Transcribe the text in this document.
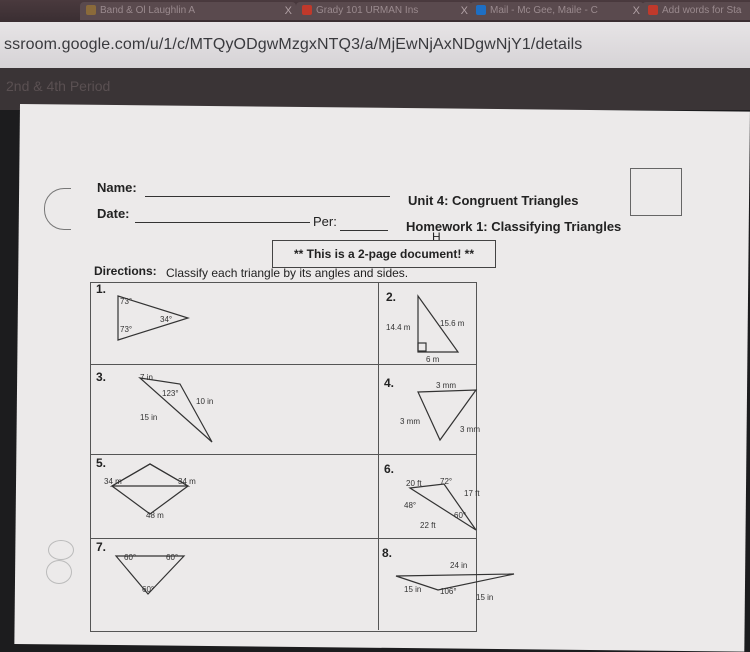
Band & Ol Laughlin A	X	Grady 101 URMAN Ins	X	Mail - Mc Gee, Maile - C	X	Add words for Sta
ssroom.google.com/u/1/c/MTQyODgwMzgxNTQ3/a/MjEwNjAxNDgwNjY1/details
2nd & 4th Period
Name:
Date:
Per:
Unit 4: Congruent Triangles
Homework 1: Classifying Triangles
H
** This is a 2-page document! **
Directions: Classify each triangle by its angles and sides.
1.
2.
3.	4.
5.	6.
7.	8.
73°
34°
73°	14.4 m	15.6 m
6 m
7 in
123°
10 in
15 in
3 mm
3 mm
3 mm
34 m	34 m
48 m
20 ft 72°
17 ft
48°
60°
22 ft
60°	60°
60°
24 in
15 in 106°
15 in
